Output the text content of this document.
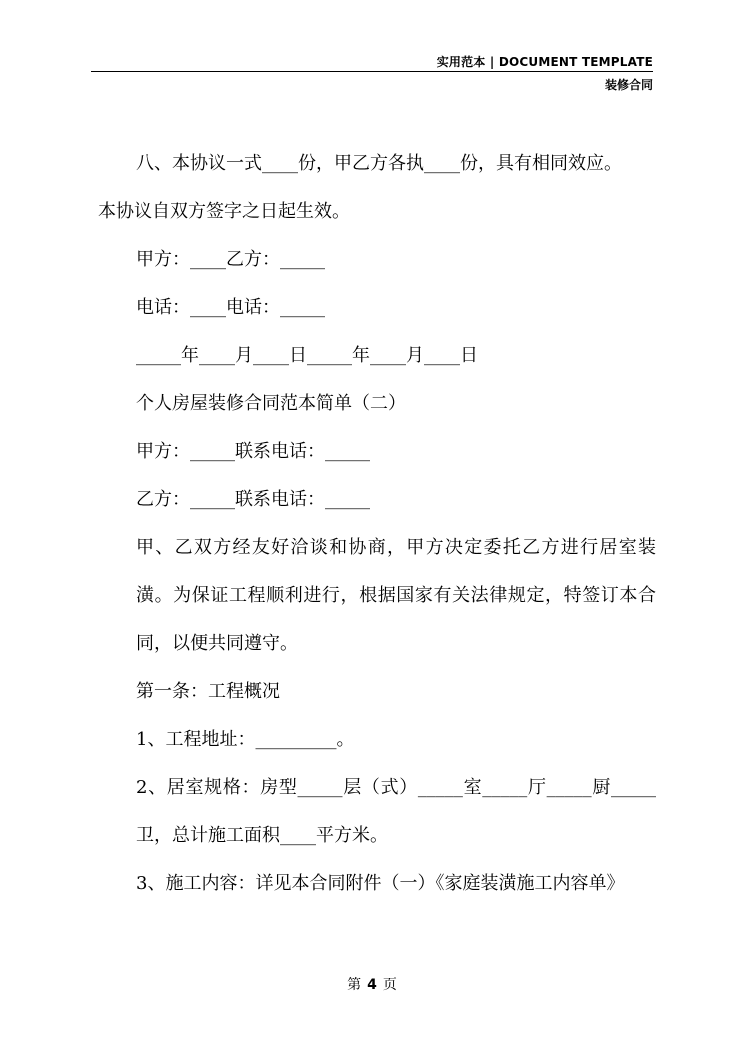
实用范本 | DOCUMENT TEMPLATE
装修合同

八、本协议一式____份，甲乙方各执____份，具有相同效应。

本协议自双方签字之日起生效。

甲方：____乙方：_____

电话：____电话：_____

_____年____月____日_____年____月____日

个人房屋装修合同范本简单（二）

甲方：_____联系电话：_____

乙方：_____联系电话：_____

甲、乙双方经友好洽谈和协商，甲方决定委托乙方进行居室装潢。为保证工程顺利进行，根据国家有关法律规定，特签订本合同，以便共同遵守。

第一条：工程概况

1、工程地址：_________。

2、居室规格：房型_____层（式）_____室_____厅_____厨_____卫，总计施工面积____平方米。

3、施工内容：详见本合同附件（一）《家庭装潢施工内容单》

第 4 页
